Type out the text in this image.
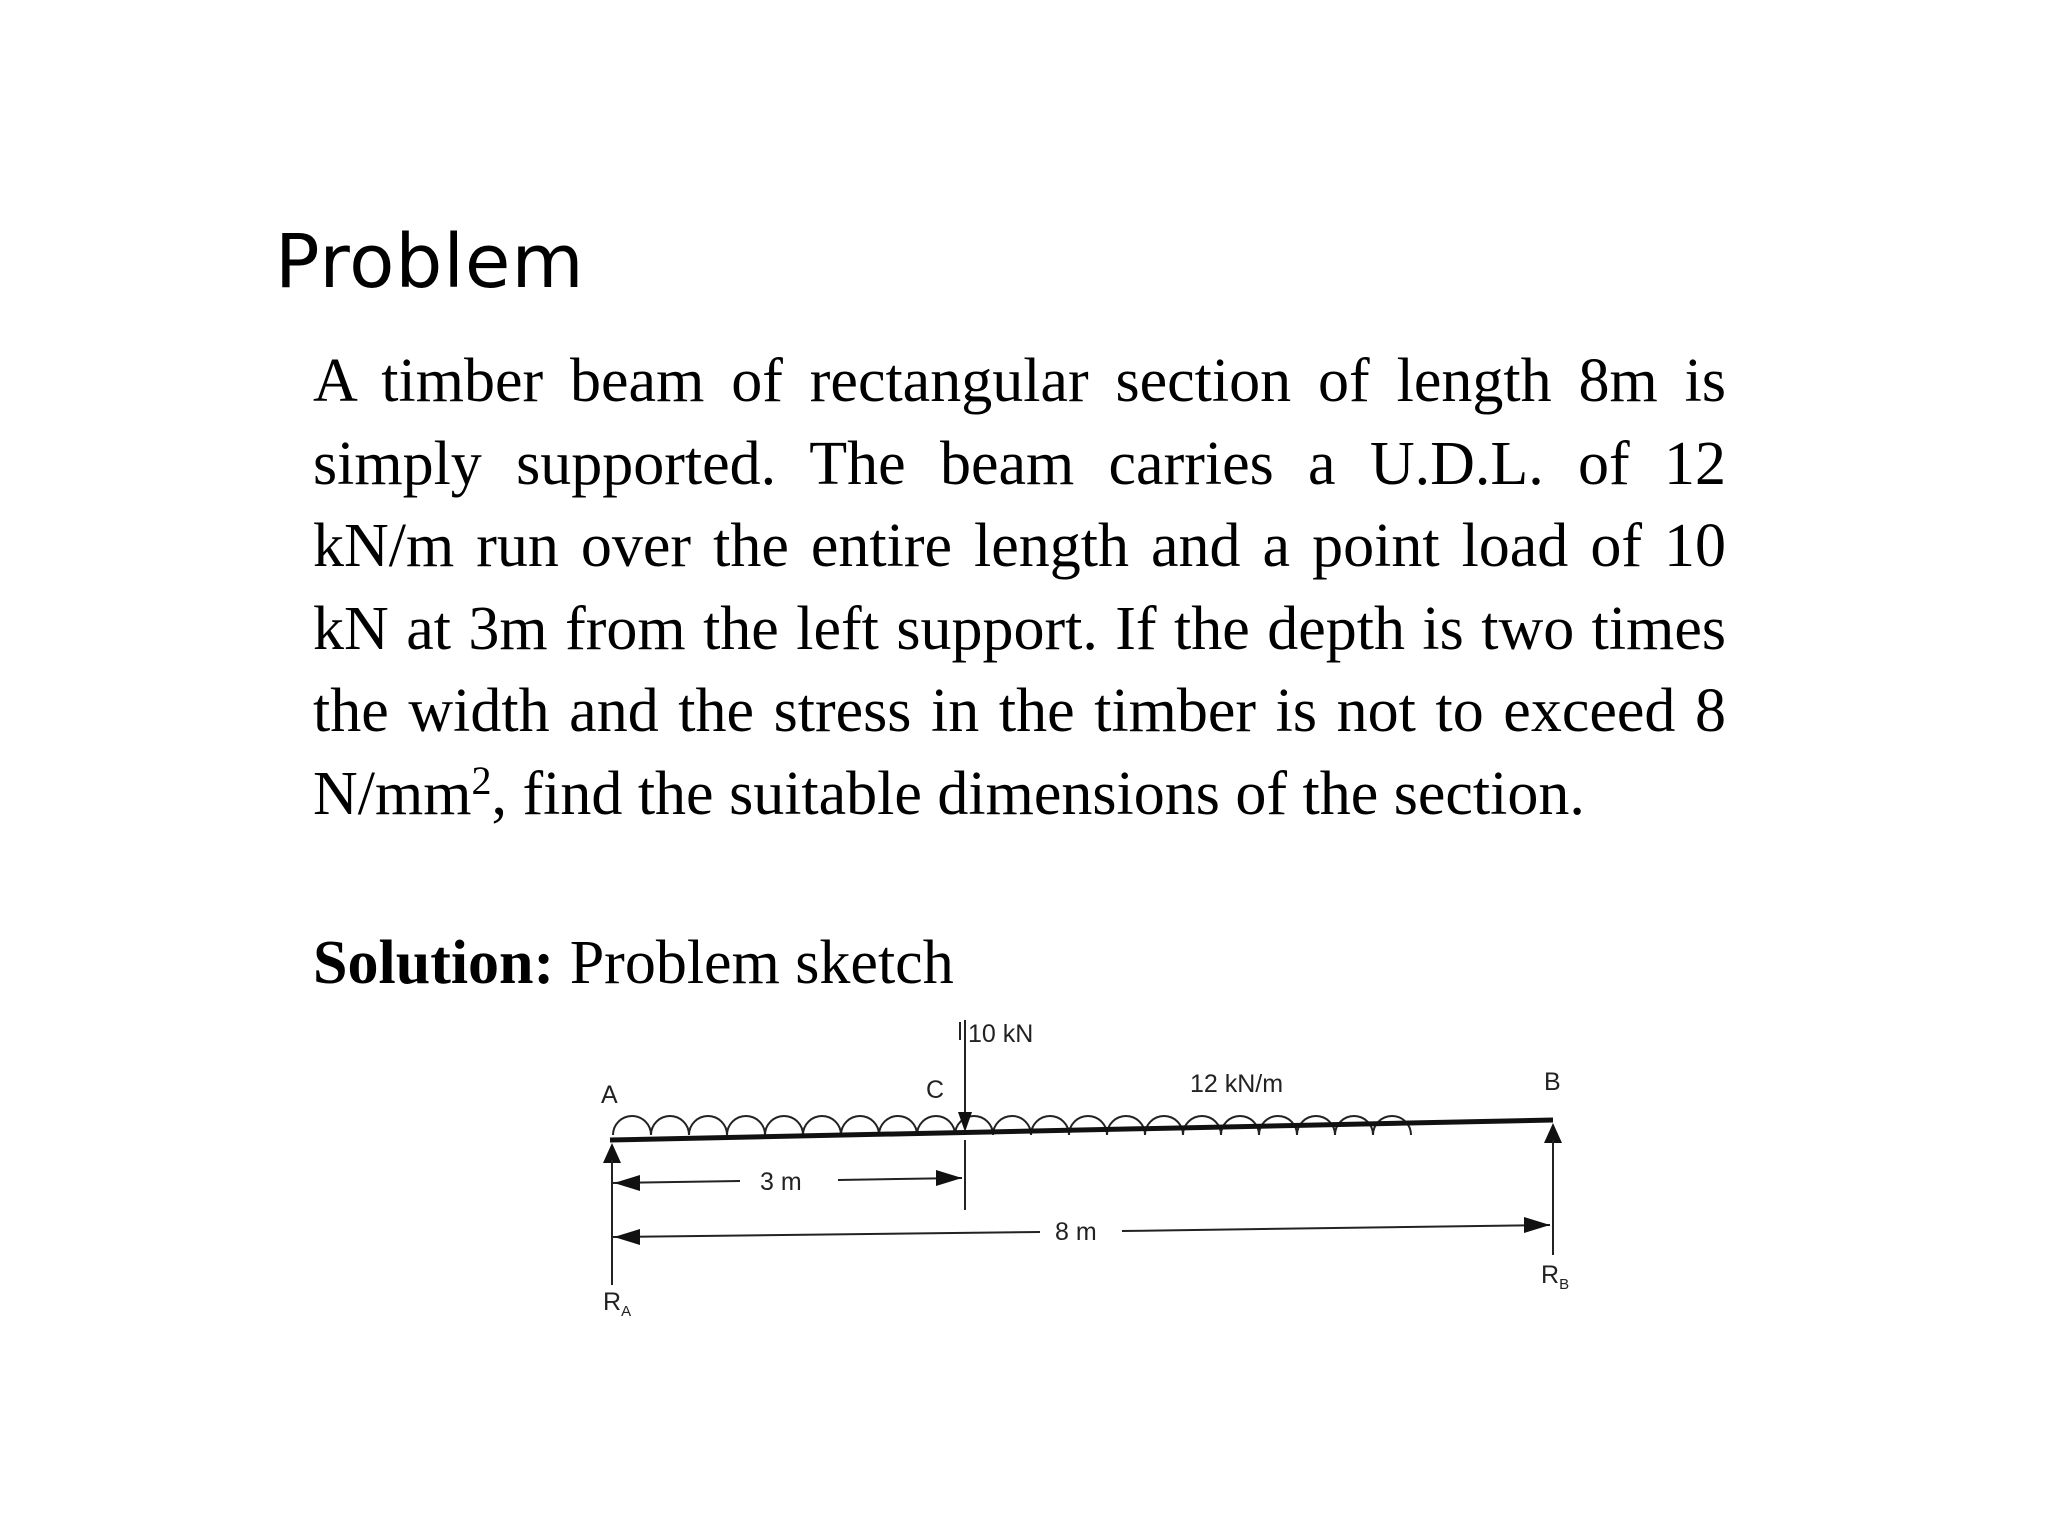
Problem

A timber beam of rectangular section of length 8m is simply supported. The beam carries a U.D.L. of 12 kN/m run over the entire length and a point load of 10 kN at 3m from the left support. If the depth is two times the width and the stress in the timber is not to exceed 8 $N/mm^2$, find the suitable dimensions of the section.

Solution: Problem sketch

10 kN
12 kN/m
A	C	B
3 m
8 m
$R_A$
$R_B$
